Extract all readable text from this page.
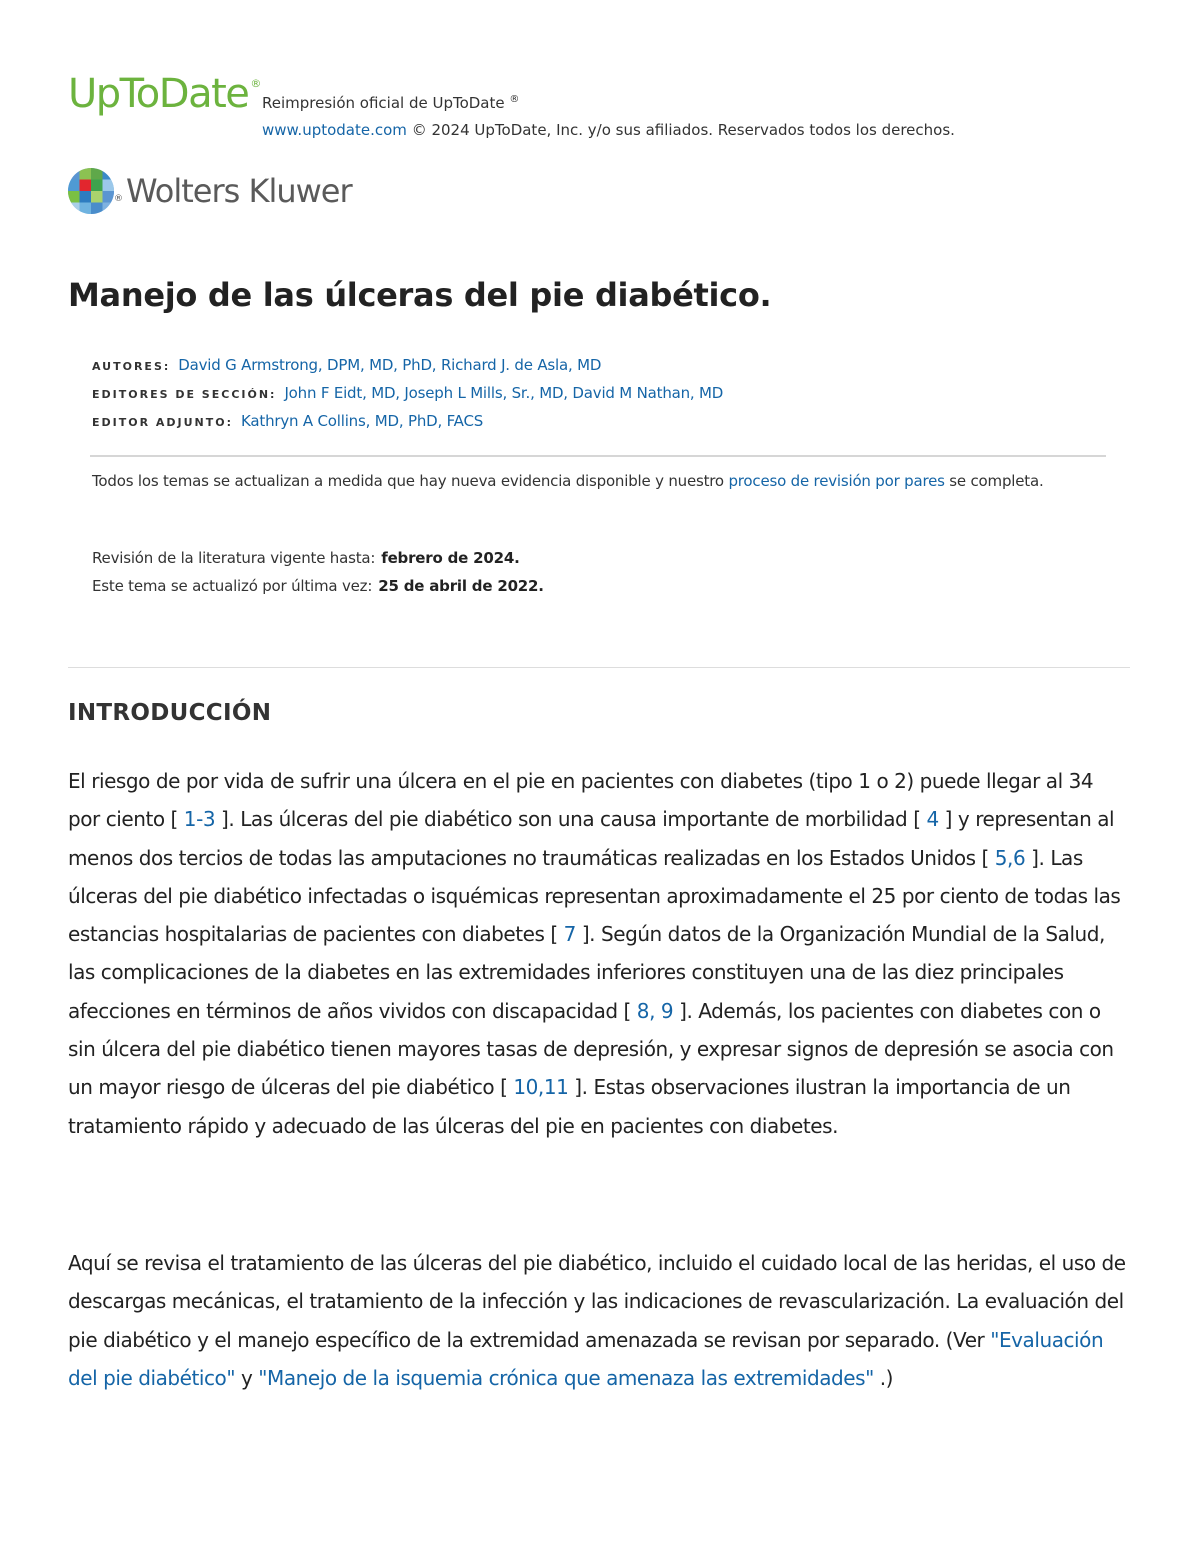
UpToDate ®
Reimpresión oficial de UpToDate ®
www.uptodate.com © 2024 UpToDate, Inc. y/o sus afiliados. Reservados todos los derechos.
® Wolters Kluwer
Manejo de las úlceras del pie diabético.
AUTORES: David G Armstrong, DPM, MD, PhD, Richard J. de Asla, MD
EDITORES DE SECCIÓN: John F Eidt, MD, Joseph L Mills, Sr., MD, David M Nathan, MD
EDITOR ADJUNTO: Kathryn A Collins, MD, PhD, FACS
Todos los temas se actualizan a medida que hay nueva evidencia disponible y nuestro proceso de revisión por pares se completa.
Revisión de la literatura vigente hasta: febrero de 2024.
Este tema se actualizó por última vez: 25 de abril de 2022.
INTRODUCCIÓN

El riesgo de por vida de sufrir una úlcera en el pie en pacientes con diabetes (tipo 1 o 2) puede llegar al 34 por ciento [ 1-3 ]. Las úlceras del pie diabético son una causa importante de morbilidad [ 4 ] y representan al menos dos tercios de todas las amputaciones no traumáticas realizadas en los Estados Unidos [ 5,6 ]. Las úlceras del pie diabético infectadas o isquémicas representan aproximadamente el 25 por ciento de todas las estancias hospitalarias de pacientes con diabetes [ 7 ]. Según datos de la Organización Mundial de la Salud, las complicaciones de la diabetes en las extremidades inferiores constituyen una de las diez principales afecciones en términos de años vividos con discapacidad [ 8, 9 ]. Además, los pacientes con diabetes con o sin úlcera del pie diabético tienen mayores tasas de depresión, y expresar signos de depresión se asocia con un mayor riesgo de úlceras del pie diabético [ 10,11 ]. Estas observaciones ilustran la importancia de un tratamiento rápido y adecuado de las úlceras del pie en pacientes con diabetes.

Aquí se revisa el tratamiento de las úlceras del pie diabético, incluido el cuidado local de las heridas, el uso de descargas mecánicas, el tratamiento de la infección y las indicaciones de revascularización. La evaluación del pie diabético y el manejo específico de la extremidad amenazada se revisan por separado. (Ver "Evaluación del pie diabético" y "Manejo de la isquemia crónica que amenaza las extremidades" .)
